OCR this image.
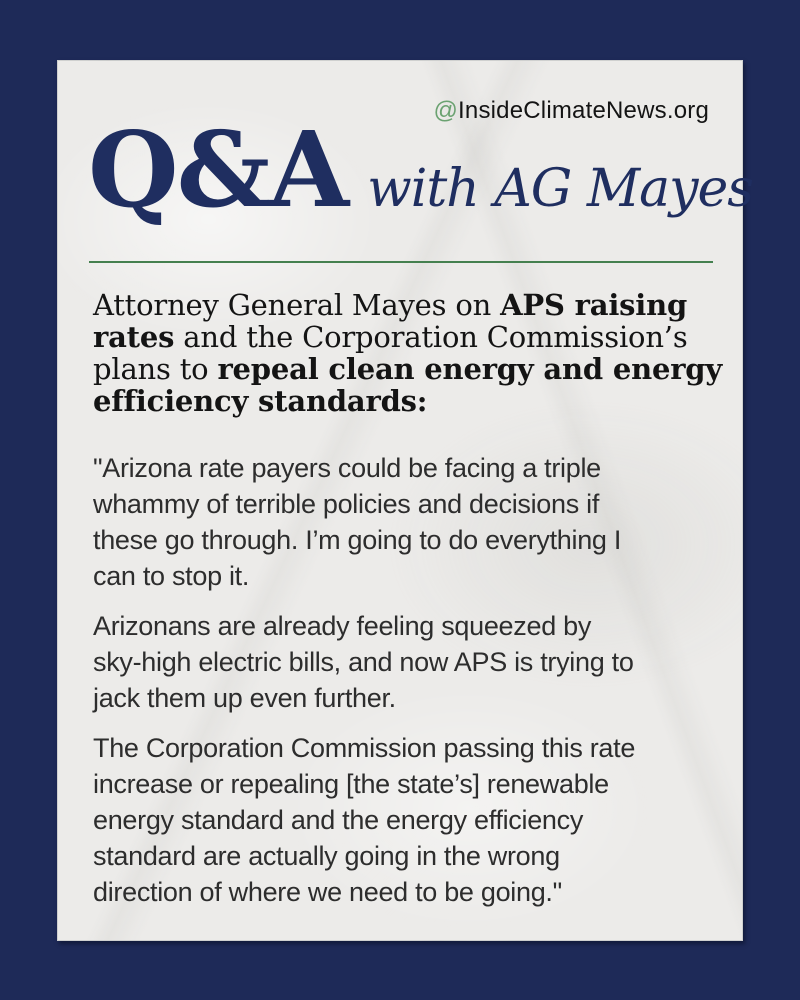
@InsideClimateNews.org
Q&A with AG Mayes
Attorney General Mayes on APS raising
rates and the Corporation Commission’s
plans to repeal clean energy and energy
efficiency standards:

"Arizona rate payers could be facing a triple
whammy of terrible policies and decisions if
these go through. I’m going to do everything I
can to stop it.

Arizonans are already feeling squeezed by
sky-high electric bills, and now APS is trying to
jack them up even further.

The Corporation Commission passing this rate
increase or repealing [the state’s] renewable
energy standard and the energy efficiency
standard are actually going in the wrong
direction of where we need to be going."
